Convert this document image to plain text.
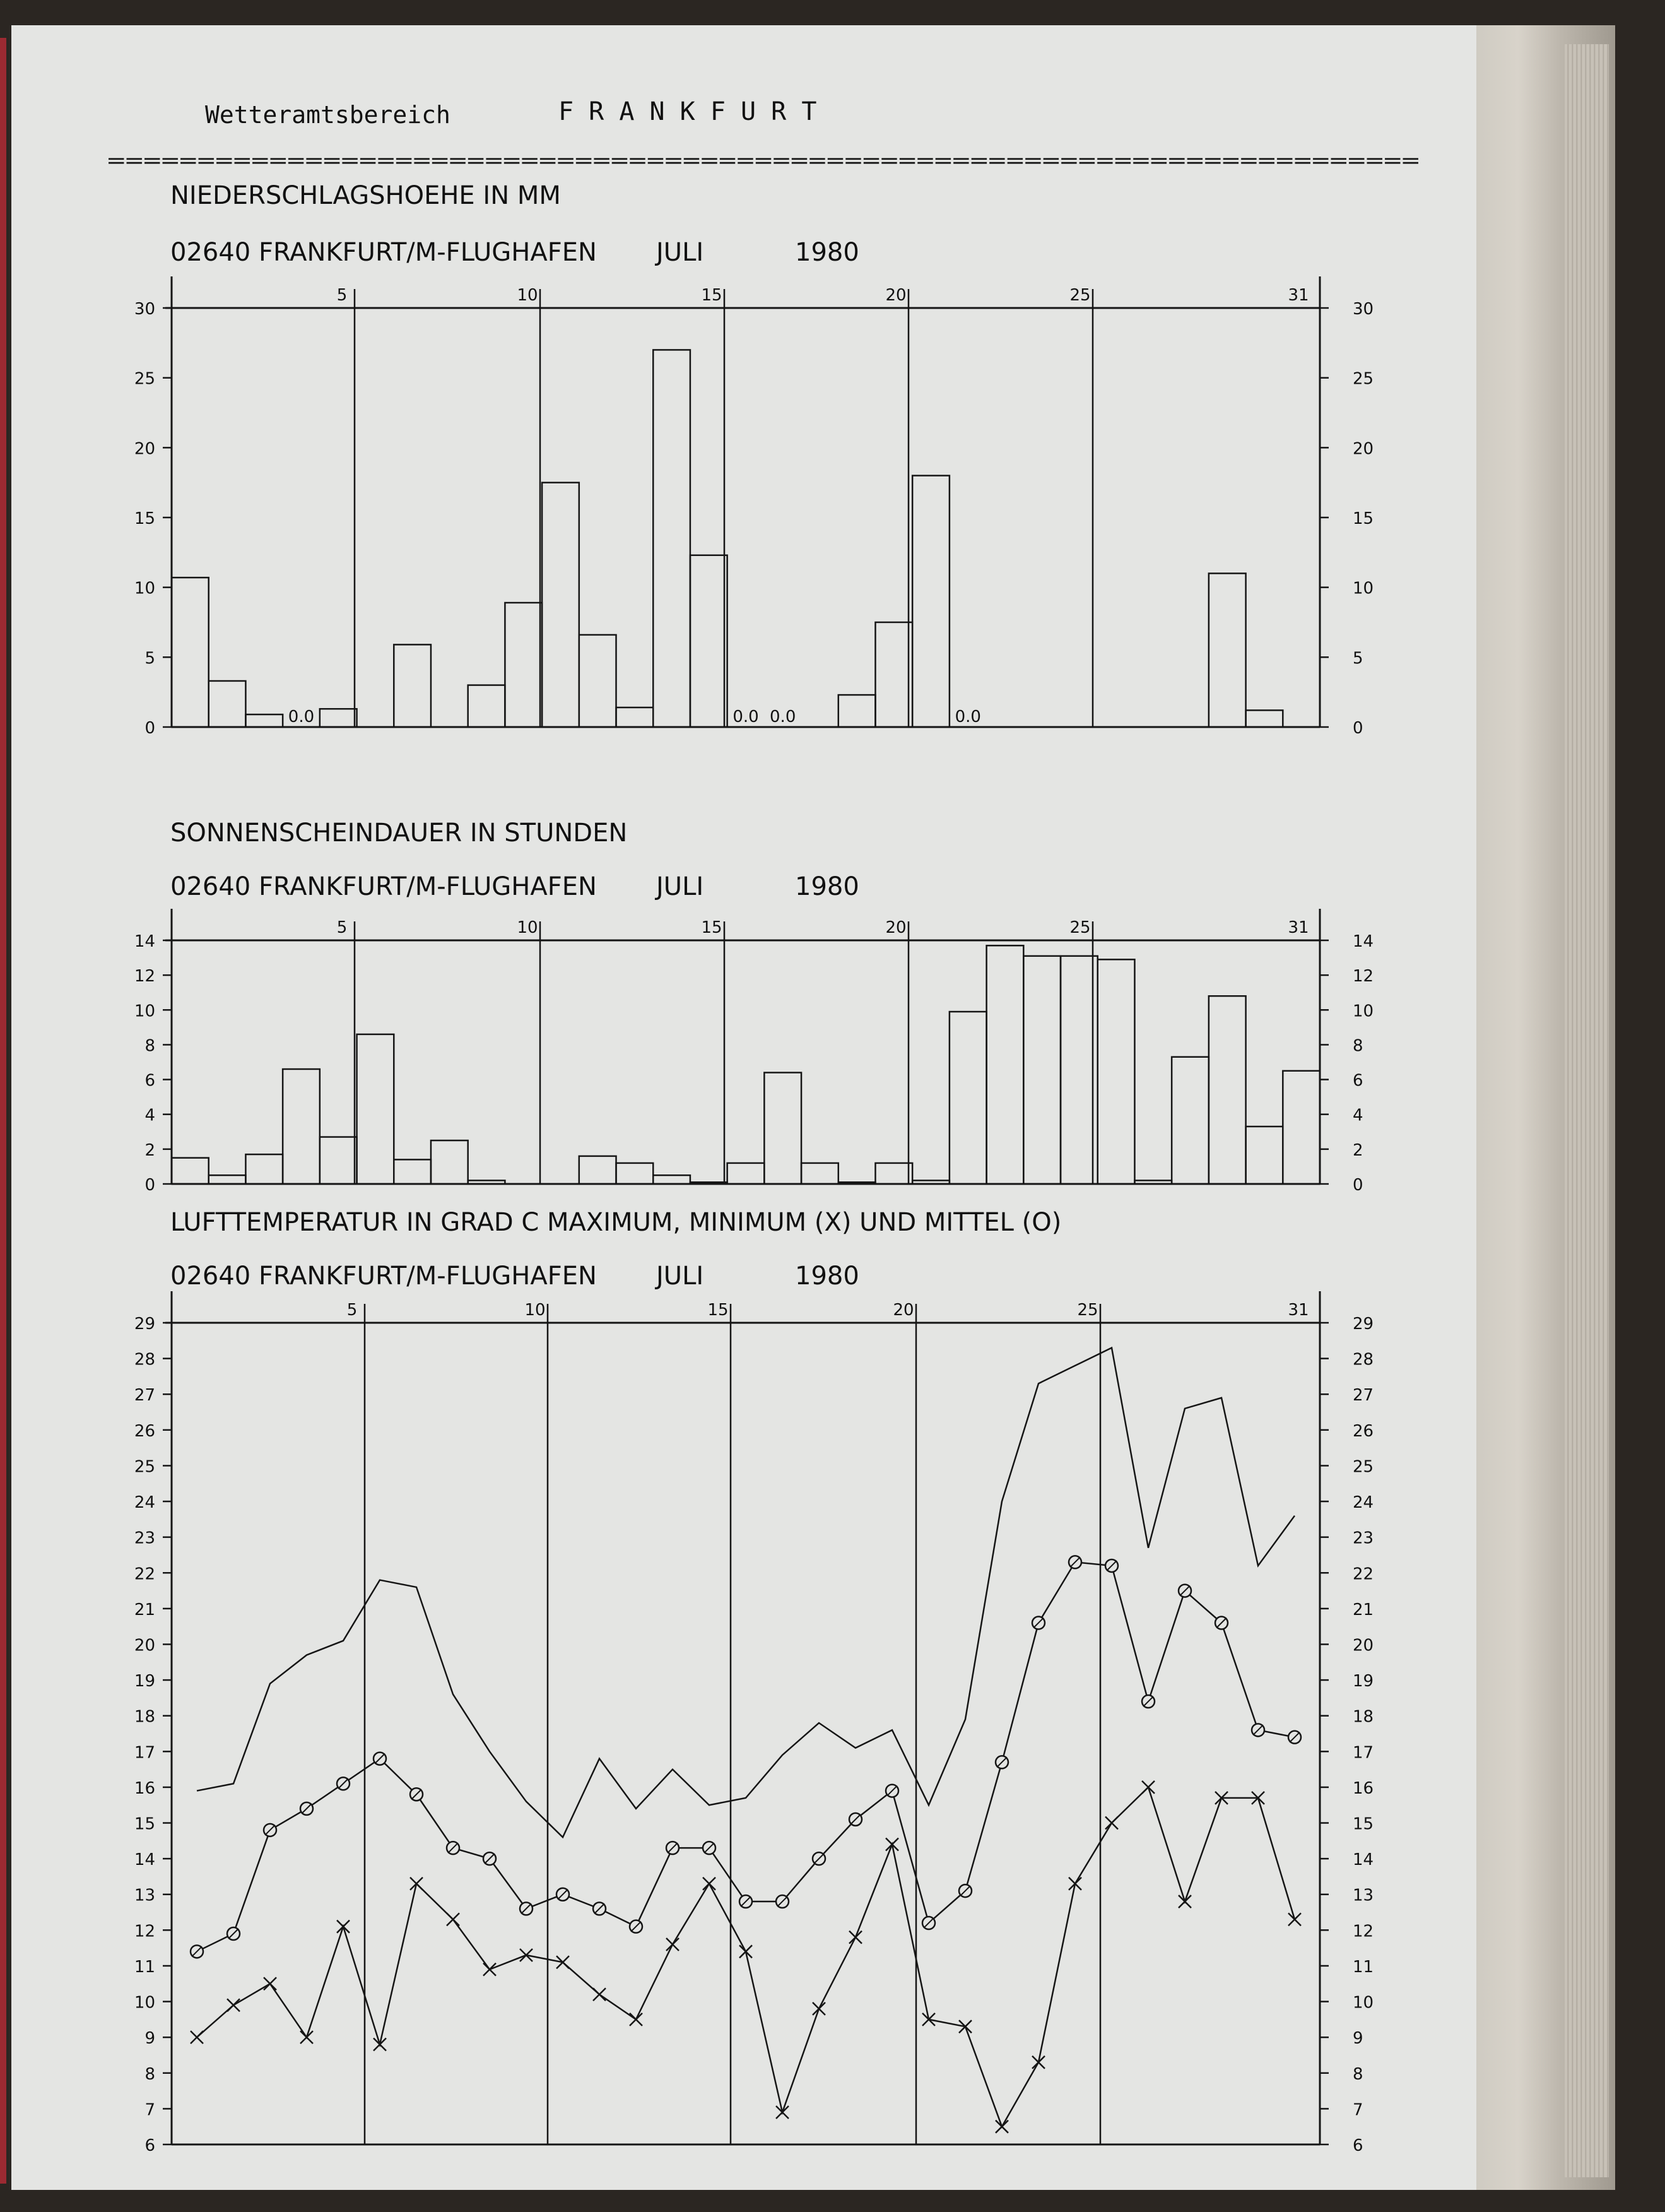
Wetteramtsbereich	F R A N K F U R T
=========================================================================
NIEDERSCHLAGSHOEHE IN MM
02640 FRANKFURT/M-FLUGHAFEN JULI	1980
0	0
5	5
10	10
15	15
20	20
25	25
30	30
5	10	15	20	25	31
0.0	0.0 0.0	0.0
SONNENSCHEINDAUER IN STUNDEN
02640 FRANKFURT/M-FLUGHAFEN JULI	1980
0	0
2	2
4	4
6	6
8	8
10	10
12	12
14	14
5	10	15	20	25	31
LUFTTEMPERATUR IN GRAD C MAXIMUM, MINIMUM (X) UND MITTEL (O)
02640 FRANKFURT/M-FLUGHAFEN JULI	1980
6	6
7	7
8	8
9	9
10	10
11	11
12	12
13	13
14	14
15	15
16	16
17	17
18	18
19	19
20	20
21	21
22	22
23	23
24	24
25	25
26	26
27	27
28	28
29	29
5	10	15	20	25	31
